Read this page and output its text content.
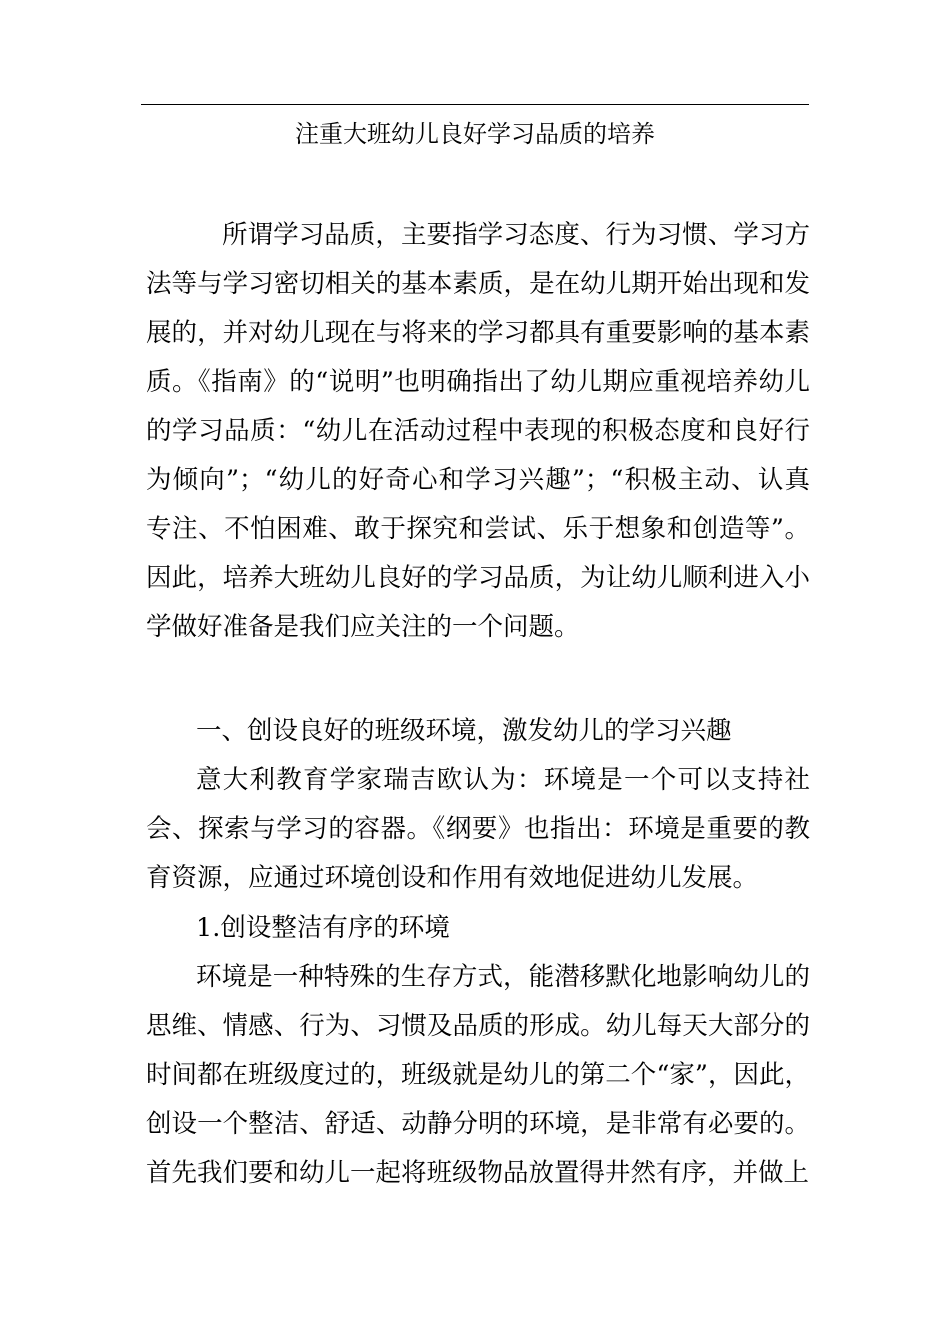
注重大班幼儿良好学习品质的培养

所谓学习品质，主要指学习态度、行为习惯、学习方法等与学习密切相关的基本素质，是在幼儿期开始出现和发展的，并对幼儿现在与将来的学习都具有重要影响的基本素质。《指南》的“说明”也明确指出了幼儿期应重视培养幼儿的学习品质：“幼儿在活动过程中表现的积极态度和良好行为倾向”；“幼儿的好奇心和学习兴趣”；“积极主动、认真专注、不怕困难、敢于探究和尝试、乐于想象和创造等”。因此，培养大班幼儿良好的学习品质，为让幼儿顺利进入小学做好准备是我们应关注的一个问题。

一、创设良好的班级环境，激发幼儿的学习兴趣

意大利教育学家瑞吉欧认为：环境是一个可以支持社会、探索与学习的容器。《纲要》也指出：环境是重要的教育资源，应通过环境创设和作用有效地促进幼儿发展。

1.创设整洁有序的环境

环境是一种特殊的生存方式，能潜移默化地影响幼儿的思维、情感、行为、习惯及品质的形成。幼儿每天大部分的时间都在班级度过的，班级就是幼儿的第二个“家”，因此，创设一个整洁、舒适、动静分明的环境，是非常有必要的。首先我们要和幼儿一起将班级物品放置得井然有序，并做上
